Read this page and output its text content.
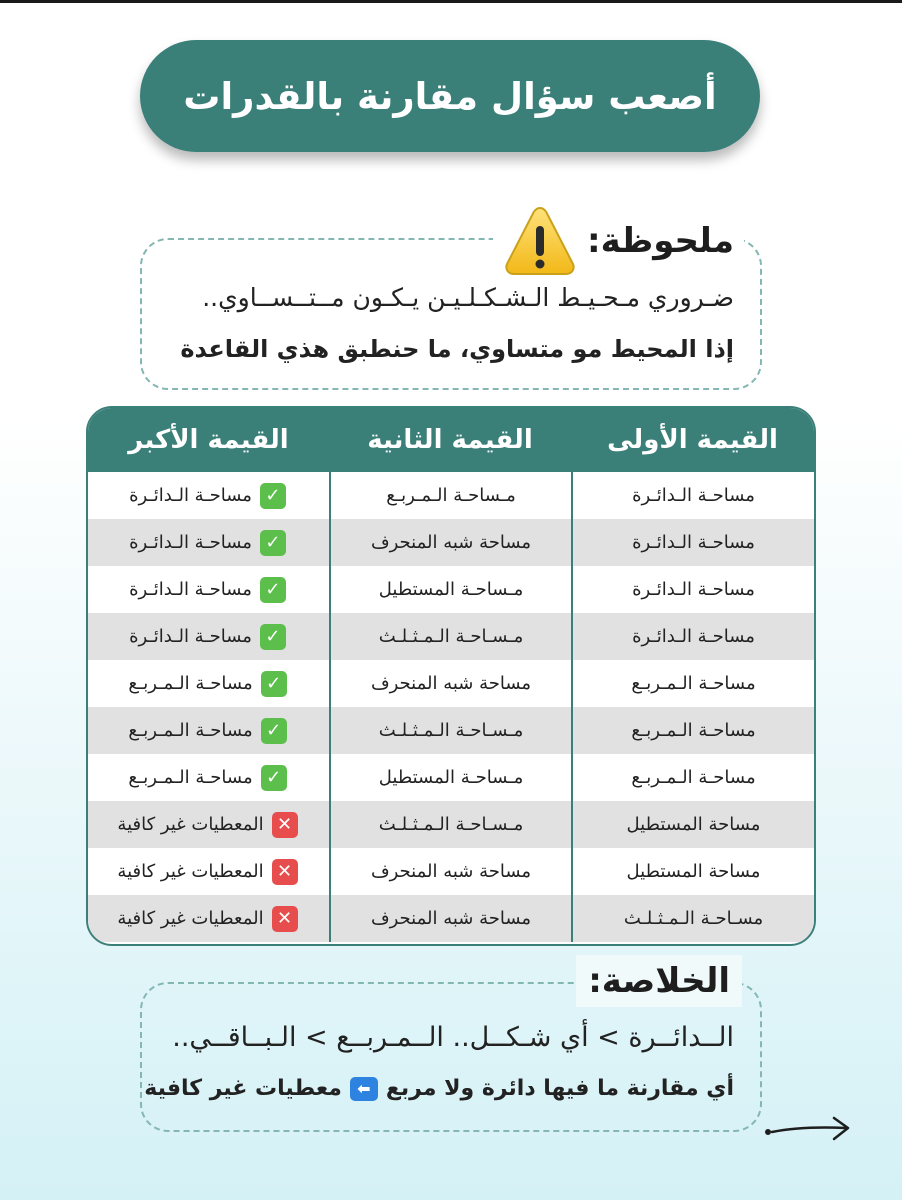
أصعب سؤال مقارنة بالقدرات
ملحوظة:
ضـروري مـحـيـط الـشـكـلـيـن يـكـون مــتــســاوي..
إذا المحيط مو متساوي، ما حنطبق هذي القاعدة
القيمة الأولى
القيمة الثانية
القيمة الأكبر
مساحـة الـدائـرة
مـساحـة الـمـربـع
✓
مساحـة الـدائـرة
مساحـة الـدائـرة
مساحة شبه المنحرف
✓
مساحـة الـدائـرة
مساحـة الـدائـرة
مـساحـة المستطيل
✓
مساحـة الـدائـرة
مساحـة الـدائـرة
مـسـاحـة الـمـثـلـث
✓
مساحـة الـدائـرة
مساحـة الـمـربـع
مساحة شبه المنحرف
✓
مساحـة الـمـربـع
مساحـة الـمـربـع
مـسـاحـة الـمـثـلـث
✓
مساحـة الـمـربـع
مساحـة الـمـربـع
مـساحـة المستطيل
✓
مساحـة الـمـربـع
مساحة المستطيل
مـسـاحـة الـمـثـلـث
✕
المعطيات غير كافية
مساحة المستطيل
مساحة شبه المنحرف
✕
المعطيات غير كافية
مسـاحـة الـمـثـلـث
مساحة شبه المنحرف
✕
المعطيات غير كافية
الخلاصة:
الــدائــرة > أي شـكــل.. الــمـربــع > الـبــاقــي..
أي مقارنة ما فيها دائرة ولا مربع
⬅
معطيات غير كافية
